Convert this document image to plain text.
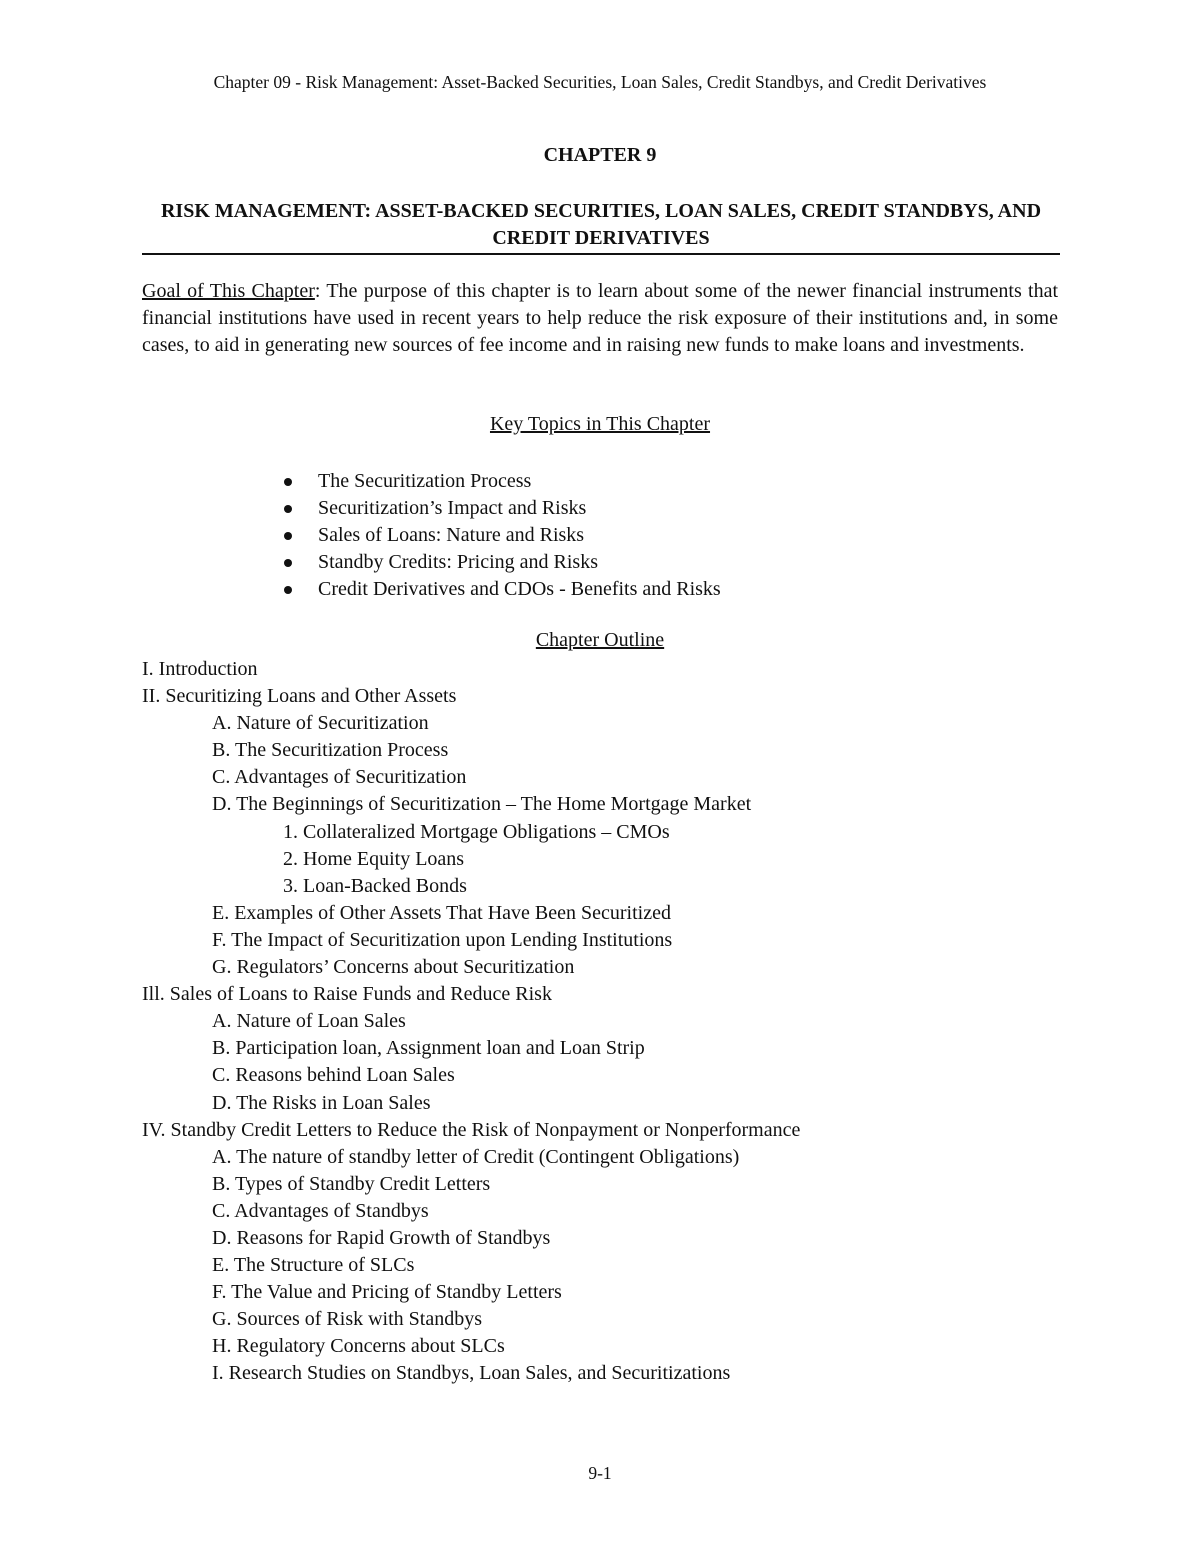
Chapter 09 - Risk Management: Asset-Backed Securities, Loan Sales, Credit Standbys, and Credit Derivatives
CHAPTER 9
RISK MANAGEMENT: ASSET-BACKED SECURITIES, LOAN SALES, CREDIT STANDBYS, AND CREDIT DERIVATIVES

Goal of This Chapter: The purpose of this chapter is to learn about some of the newer financial instruments that financial institutions have used in recent years to help reduce the risk exposure of their institutions and, in some cases, to aid in generating new sources of fee income and in raising new funds to make loans and investments.

Key Topics in This Chapter
The Securitization Process
Securitization’s Impact and Risks
Sales of Loans: Nature and Risks
Standby Credits: Pricing and Risks
Credit Derivatives and CDOs - Benefits and Risks
Chapter Outline
I. Introduction
II. Securitizing Loans and Other Assets
A. Nature of Securitization
B. The Securitization Process
C. Advantages of Securitization
D. The Beginnings of Securitization – The Home Mortgage Market
1. Collateralized Mortgage Obligations – CMOs
2. Home Equity Loans
3. Loan-Backed Bonds
E. Examples of Other Assets That Have Been Securitized
F. The Impact of Securitization upon Lending Institutions
G. Regulators’ Concerns about Securitization
Ill. Sales of Loans to Raise Funds and Reduce Risk
A. Nature of Loan Sales
B. Participation loan, Assignment loan and Loan Strip
C. Reasons behind Loan Sales
D. The Risks in Loan Sales
IV. Standby Credit Letters to Reduce the Risk of Nonpayment or Nonperformance
A. The nature of standby letter of Credit (Contingent Obligations)
B. Types of Standby Credit Letters
C. Advantages of Standbys
D. Reasons for Rapid Growth of Standbys
E. The Structure of SLCs
F. The Value and Pricing of Standby Letters
G. Sources of Risk with Standbys
H. Regulatory Concerns about SLCs
I. Research Studies on Standbys, Loan Sales, and Securitizations
9-1
